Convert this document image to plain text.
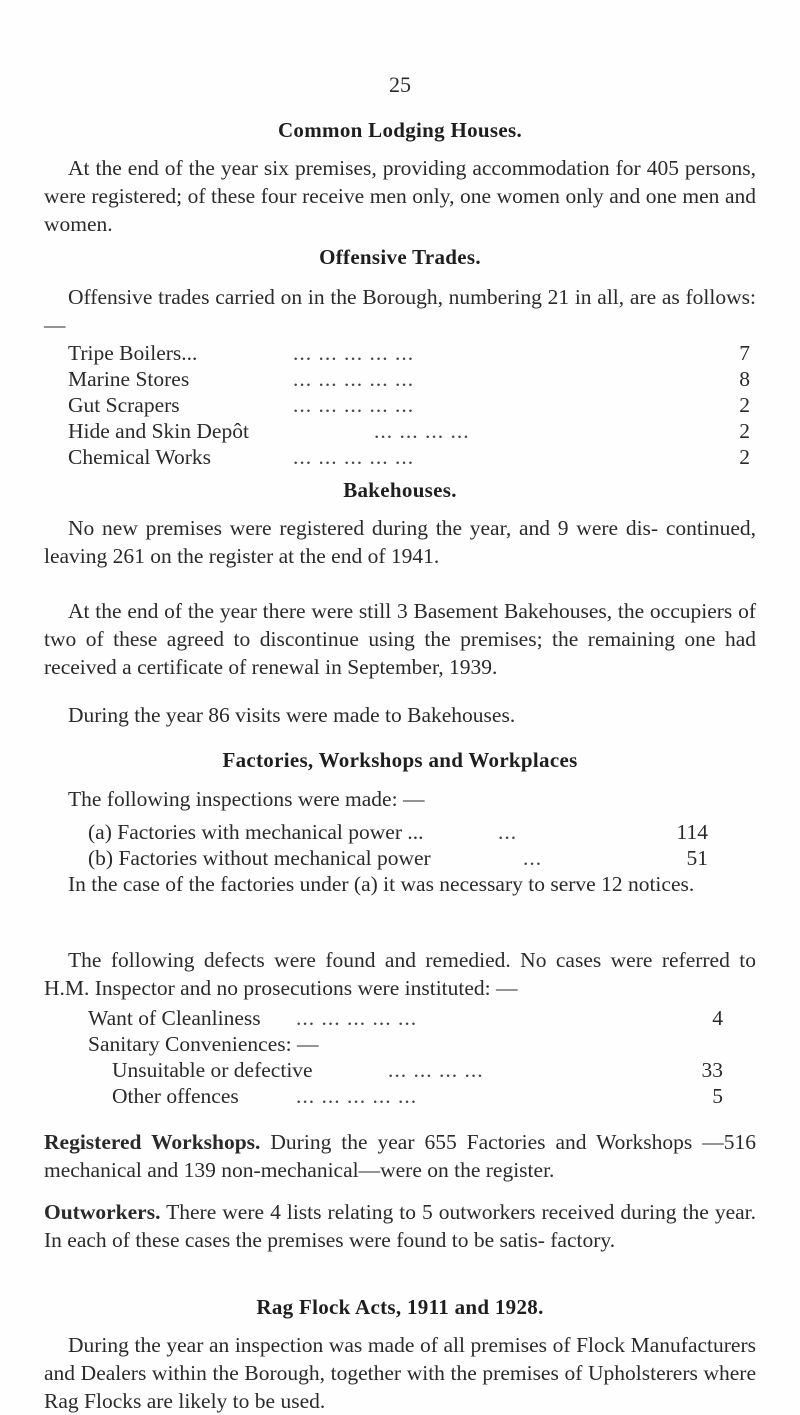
25
Common Lodging Houses.
At the end of the year six premises, providing accommodation for 405 persons, were registered; of these four receive men only, one women only and one men and women.
Offensive Trades.
Offensive trades carried on in the Borough, numbering 21 in all, are as follows: —
Tripe Boilers...	... ... ... ... ...	7
Marine Stores	... ... ... ... ...	8
Gut Scrapers	... ... ... ... ...	2
Hide and Skin Depôt	... ... ... ...	2
Chemical Works	... ... ... ... ...	2
Bakehouses.
No new premises were registered during the year, and 9 were dis- continued, leaving 261 on the register at the end of 1941.
At the end of the year there were still 3 Basement Bakehouses, the occupiers of two of these agreed to discontinue using the premises; the remaining one had received a certificate of renewal in September, 1939.
During the year 86 visits were made to Bakehouses.
Factories, Workshops and Workplaces
The following inspections were made: —
(a) Factories with mechanical power ...	...	114
(b) Factories without mechanical power	...	51
In the case of the factories under (a) it was necessary to serve 12 notices.
The following defects were found and remedied. No cases were referred to H.M. Inspector and no prosecutions were instituted: —
Want of Cleanliness ... ... ... ... ...	4
Sanitary Conveniences: —
Unsuitable or defective	... ... ... ...	33
Other offences	... ... ... ... ...	5
Registered Workshops. During the year 655 Factories and Workshops —516 mechanical and 139 non-mechanical—were on the register.
Outworkers. There were 4 lists relating to 5 outworkers received during the year. In each of these cases the premises were found to be satis- factory.
Rag Flock Acts, 1911 and 1928.
During the year an inspection was made of all premises of Flock Manufacturers and Dealers within the Borough, together with the premises of Upholsterers where Rag Flocks are likely to be used.
